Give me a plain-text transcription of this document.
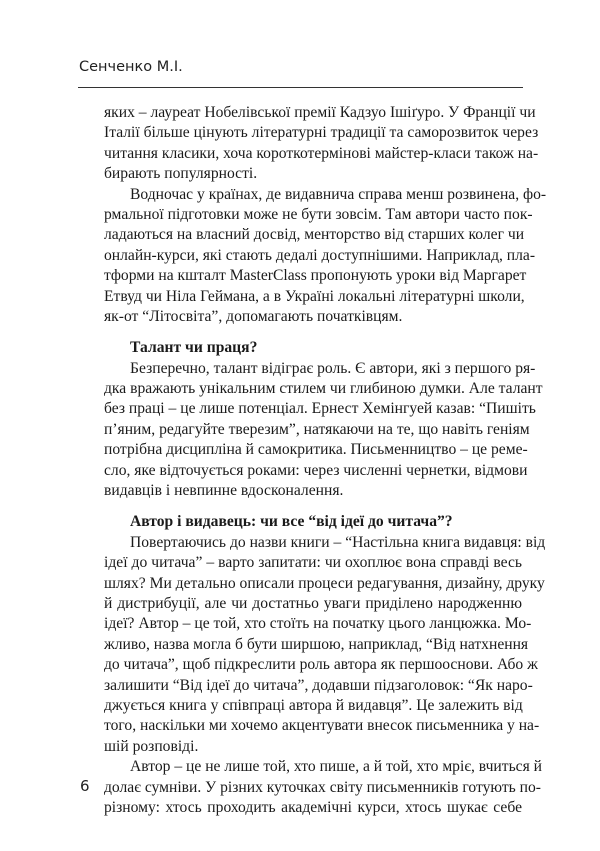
Сенченко М.І.
яких – лауреат Нобелівської премії Кадзуо Ішіґуро. У Франції чи
Італії більше цінують літературні традиції та саморозвиток через
читання класики, хоча короткотермінові майстер-класи також на-
бирають популярності.
Водночас у країнах, де видавнича справа менш розвинена, фо-
рмальної підготовки може не бути зовсім. Там автори часто пок-
ладаються на власний досвід, менторство від старших колег чи
онлайн-курси, які стають дедалі доступнішими. Наприклад, пла-
тформи на кшталт MasterClass пропонують уроки від Маргарет
Етвуд чи Ніла Геймана, а в Україні локальні літературні школи,
як-от “Літосвіта”, допомагають початківцям.
Талант чи праця?
Безперечно, талант відіграє роль. Є автори, які з першого ря-
дка вражають унікальним стилем чи глибиною думки. Але талант
без праці – це лише потенціал. Ернест Хемінгуей казав: “Пишіть
п’яним, редагуйте тверезим”, натякаючи на те, що навіть геніям
потрібна дисципліна й самокритика. Письменництво – це реме-
сло, яке відточується роками: через численні чернетки, відмови
видавців і невпинне вдосконалення.
Автор і видавець: чи все “від ідеї до читача”?
Повертаючись до назви книги – “Настільна книга видавця: від
ідеї до читача” – варто запитати: чи охоплює вона справді весь
шлях? Ми детально описали процеси редагування, дизайну, друку
й дистрибуції, але чи достатньо уваги приділено народженню
ідеї? Автор – це той, хто стоїть на початку цього ланцюжка. Мо-
жливо, назва могла б бути ширшою, наприклад, “Від натхнення
до читача”, щоб підкреслити роль автора як першооснови. Або ж
залишити “Від ідеї до читача”, додавши підзаголовок: “Як наро-
джується книга у співпраці автора й видавця”. Це залежить від
того, наскільки ми хочемо акцентувати внесок письменника у на-
шій розповіді.
Автор – це не лише той, хто пише, а й той, хто мріє, вчиться й
долає сумніви. У різних куточках світу письменників готують по-
різному: хтось проходить академічні курси, хтось шукає себе
6
